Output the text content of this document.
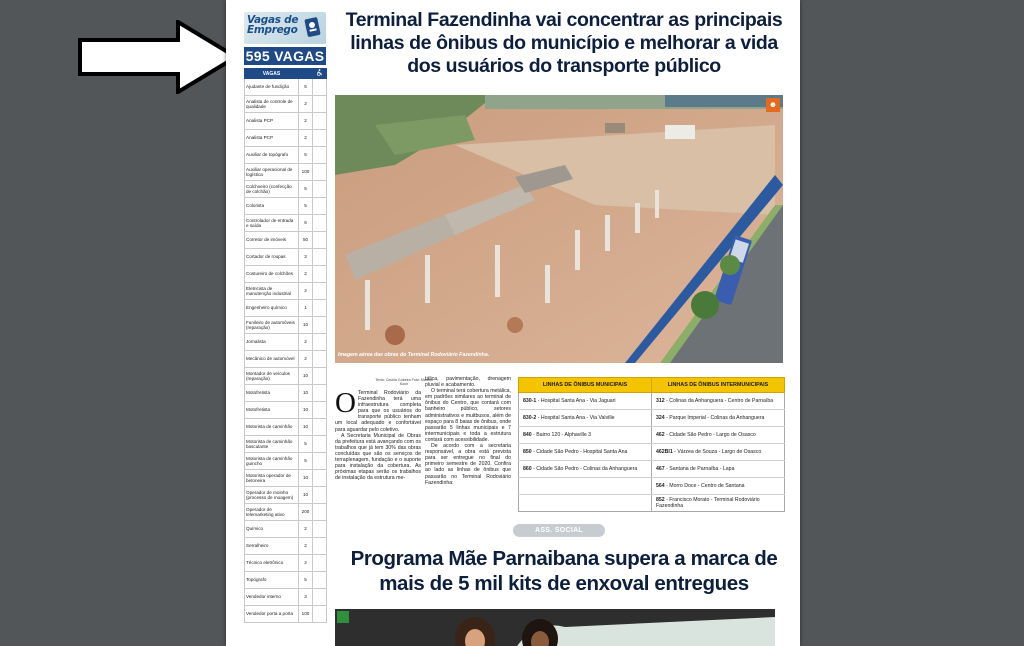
Vagas de Emprego
595 VAGAS
VAGAS		
Ajudante de fundição	5	
Analista de controle de qualidade	2	
Analista PCP	2	
Analista PCP	2	
Auxiliar de topógrafo	5	
Auxiliar operacional de logística	100	
Colchoeiro (confecção de colchão)	5	
Colorista	5	
Controlador de entrada e saída	6	
Corretor de imóveis	50	
Cortador de roupas	3	
Costureiro de colchões	2	
Eletricista de manutenção industrial	2	
Engenheiro químico	1	
Funileiro de automóveis (reparação)	10	
Jornalista	2	
Mecânico de automóvel	2	
Montador de veículos (reparação)	10	
Motofretista	10	
Motofretista	10	
Motorista de caminhão	10	
Motorista de caminhão basculante	5	
Motorista de caminhão guincho	5	
Motorista operador de betoneira	10	
Operador de moinho (processo de moagem)	10	
Operador de telemarketing ativo	200	
Químico	2	
Serralheiro	2	
Técnico eletrônico	2	
Topógrafo	5	
Vendedor interno	3	
Vendedor porta a porta	100	
Terminal Fazendinha vai concentrar as principais linhas de ônibus do município e melhorar a vida dos usuários do transporte público
☻
Imagem aérea das obras do Terminal Rodoviário Fazendinha.
Texto: Cecília Gobeira Foto: Marcos Koch

O Terminal Rodoviário da Fazendinha terá uma infraestrutura completa para que os usuários do transporte público tenham um local adequado e confortável para aguardar pelo coletivo.

A Secretaria Municipal de Obras da prefeitura está avançando com os trabalhos que já tem 30% das obras concluídas que são os serviços de terraplenagem, fundação e o suporte para instalação da cobertura. As próximas etapas serão os trabalhos de instalação da estrutura me-

tálica, pavimentação, drenagem pluvial e acabamento.

O terminal terá cobertura metálica, em padrões similares ao terminal de ônibus do Centro, que contará com banheiro público, setores administrativos e muitbusos, além de espaço para 8 baias de ônibus, onde passarão 5 linhas municipais e 7 intermunicipais e toda a estrutura contará com acessibilidade.

De acordo com a secretaria responsável, a obra está prevista para ser entregue no final do primeiro semestre de 2020. Confira ao lado as linhas de ônibus que passarão no Terminal Rodoviário Fazendinha:

LINHAS DE ÔNIBUS MUNICIPAIS	LINHAS DE ÔNIBUS INTERMUNICIPAIS
830-1 - Hospital Santa Ana - Via Jaguari	312 - Colinas da Anhanguera - Centro de Parnaíba
830-2 - Hospital Santa Ana - Via Valville	324 - Parque Imperial - Colinas da Anhanguera
840 - Bairro 120 - Alphaville 3	462 - Cidade São Pedro - Largo de Osasco
850 - Cidade São Pedro - Hospital Santa Ana	462BI1 - Várzea de Souza - Largo de Osasco
860 - Cidade São Pedro - Colinas da Anhanguera	467 - Santana de Parnaíba - Lapa
	564 - Morro Doce - Centro de Santana
	852 - Francisco Morato - Terminal Rodoviário Fazendinha
ASS. SOCIAL
Programa Mãe Parnaibana supera a marca de mais de 5 mil kits de enxoval entregues
